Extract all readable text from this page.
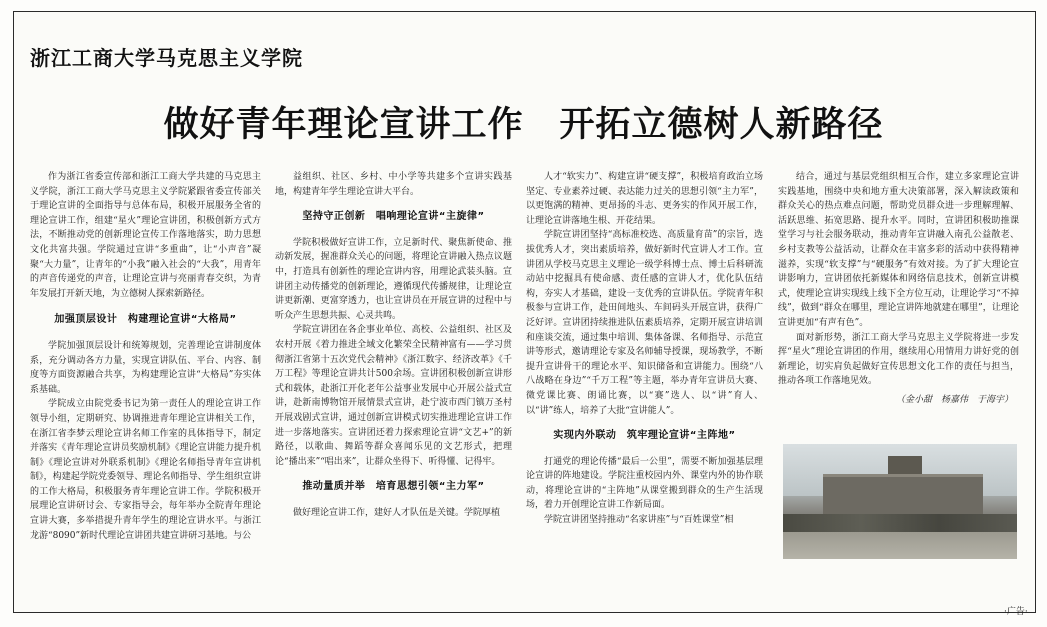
浙江工商大学马克思主义学院
做好青年理论宣讲工作　开拓立德树人新路径

作为浙江省委宣传部和浙江工商大学共建的马克思主义学院，浙江工商大学马克思主义学院紧跟省委宣传部关于理论宣讲的全面指导与总体布局，积极开展服务全省的理论宣讲工作，组建“星火”理论宣讲团，积极创新方式方法，不断推动党的创新理论宣传工作落地落实，助力思想文化共富共强。学院通过宣讲“多重曲”，让“小声音”凝聚“大力量”，让青年的“小我”融入社会的“大我”，用青年的声音传递党的声音，让理论宣讲与亮丽青春交织，为青年发展打开新天地，为立德树人探索新路径。

加强顶层设计　构建理论宣讲“大格局”

学院加强顶层设计和统筹规划，完善理论宣讲制度体系，充分调动各方力量，实现宣讲队伍、平台、内容、制度等方面资源融合共享，为构建理论宣讲“大格局”夯实体系基础。

学院成立由院党委书记为第一责任人的理论宣讲工作领导小组，定期研究、协调推进青年理论宣讲相关工作，在浙江省李梦云理论宣讲名师工作室的具体指导下，制定并落实《青年理论宣讲员奖励机制》《理论宣讲能力提升机制》《理论宣讲对外联系机制》《理论名师指导青年宣讲机制》，构建起学院党委领导、理论名师指导、学生组织宣讲的工作大格局，积极服务青年理论宣讲工作。学院积极开展理论宣讲研讨会、专家指导会，每年举办全院青年理论宣讲大赛，多举措提升青年学生的理论宣讲水平。与浙江龙游“8090”新时代理论宣讲团共建宣讲研习基地。与公

益组织、社区、乡村、中小学等共建多个宣讲实践基地，构建青年学生理论宣讲大平台。

坚持守正创新　唱响理论宣讲“主旋律”

学院积极做好宣讲工作，立足新时代、聚焦新使命、推动新发展，握准群众关心的问题，将理论宣讲融入热点议题中，打造具有创新性的理论宣讲内容，用理论武装头脑。宣讲团主动传播党的创新理论，遵循现代传播规律，让理论宣讲更新潮、更富穿透力，也让宣讲员在开展宣讲的过程中与听众产生思想共振、心灵共鸣。

学院宣讲团在各企事业单位、高校、公益组织、社区及农村开展《着力推进全域文化繁荣全民精神富有——学习贯彻浙江省第十五次党代会精神》《浙江数字、经济改革》《千万工程》等理论宣讲共计500余场。宣讲团积极创新宣讲形式和载体，赴浙江开化老年公益事业发展中心开展公益式宣讲，赴新南博物馆开展情景式宣讲，赴宁波市西门镇万圣村开展戏剧式宣讲，通过创新宣讲模式切实推进理论宣讲工作进一步落地落实。宣讲团还着力探索理论宣讲“文艺+”的新路径，以歌曲、舞蹈等群众喜闻乐见的文艺形式，把理论“播出来”“唱出来”，让群众坐得下、听得懂、记得牢。

推动量质并举　培育思想引领“主力军”

做好理论宣讲工作，建好人才队伍是关键。学院厚植

人才“软实力”、构建宣讲“硬支撑”，积极培育政治立场坚定、专业素养过硬、表达能力过关的思想引领“主力军”，以更饱满的精神、更昂扬的斗志、更务实的作风开展工作，让理论宣讲落地生根、开花结果。

学院宣讲团坚持“高标准校选、高质量育苗”的宗旨，选拔优秀人才，突出素质培养，做好新时代宣讲人才工作。宣讲团从学校马克思主义理论一级学科博士点、博士后科研流动站中挖掘具有使命感、责任感的宣讲人才，优化队伍结构，夯实人才基础，建设一支优秀的宣讲队伍。学院青年积极参与宣讲工作，赴田间地头、车间码头开展宣讲，获得广泛好评。宣讲团持续推进队伍素质培养，定期开展宣讲培训和座谈交流，通过集中培训、集体备课、名师指导、示范宣讲等形式，邀请理论专家及名师辅导授课，现场教学，不断提升宣讲骨干的理论水平、知识储备和宣讲能力。围绕“八八战略在身边”“千万工程”等主题，举办青年宣讲员大赛、微党课比赛、朗诵比赛，以“赛”选人、以“讲”育人、以“讲”练人，培养了大批“宣讲能人”。

实现内外联动　筑牢理论宣讲“主阵地”

打通党的理论传播“最后一公里”，需要不断加强基层理论宣讲的阵地建设。学院注重校园内外、课堂内外的协作联动，将理论宣讲的“主阵地”从课堂搬到群众的生产生活现场，着力开创理论宣讲工作新局面。

学院宣讲团坚持推动“名家讲座”与“百姓课堂”相

结合，通过与基层党组织相互合作，建立多家理论宣讲实践基地，围绕中央和地方重大决策部署，深入解读政策和群众关心的热点难点问题，帮助党员群众进一步理解理解、活跃思维、拓宽思路、提升水平。同时，宣讲团积极助推课堂学习与社会服务联动，推动青年宣讲融入南孔公益散老、乡村支教等公益活动，让群众在丰富多彩的活动中获得精神滋养，实现“软支撑”与“硬服务”有效对接。为了扩大理论宣讲影响力，宣讲团依托新媒体和网络信息技术，创新宣讲模式，使理论宣讲实现线上线下全方位互动，让理论学习“不掉线”，做到“群众在哪里，理论宣讲阵地就建在哪里”，让理论宣讲更加“有声有色”。

面对新形势，浙江工商大学马克思主义学院将进一步发挥“星火”理论宣讲团的作用，继续用心用情用力讲好党的创新理论，切实肩负起做好宣传思想文化工作的责任与担当，推动各项工作落地见效。

（金小甜　杨嘉伟　于海宇）
·广告·
